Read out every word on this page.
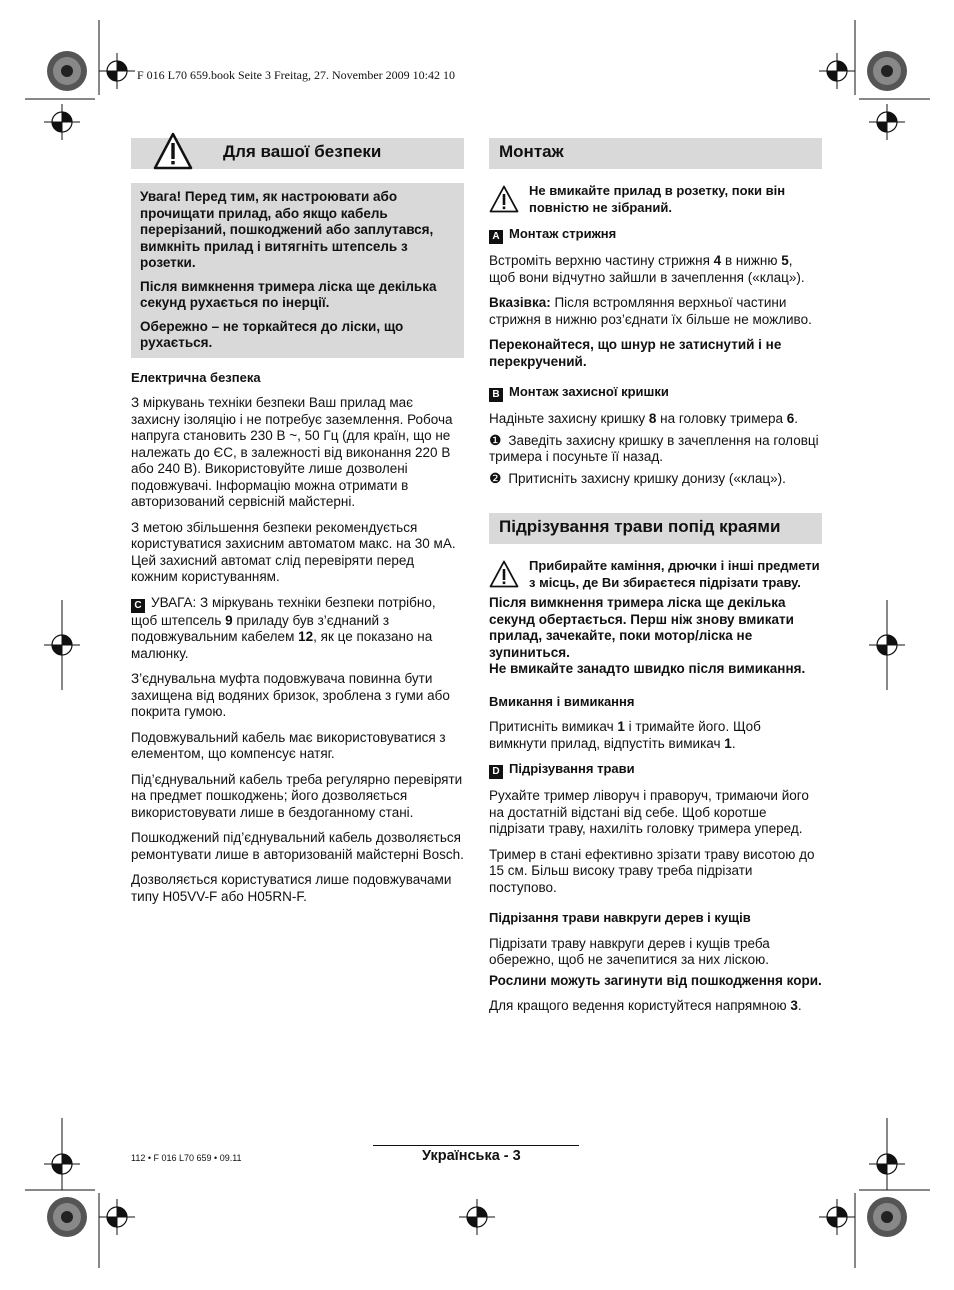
F 016 L70 659.book Seite 3 Freitag, 27. November 2009 10:42 10
Для вашої безпеки

Увага! Перед тим, як настроювати або прочищати прилад, або якщо кабель перерізаний, пошкоджений або заплутався, вимкніть прилад і витягніть штепсель з розетки.

Після вимкнення тримера ліска ще декілька секунд рухається по інерції.

Обережно – не торкайтеся до ліски, що рухається.

Електрична безпека

З міркувань техніки безпеки Ваш прилад має захисну ізоляцію і не потребує заземлення. Робоча напруга становить 230 В ~, 50 Гц (для країн, що не належать до ЄС, в залежності від виконання 220 В або 240 В). Використовуйте лише дозволені подовжувачі. Інформацію можна отримати в авторизований сервісній майстерні.

З метою збільшення безпеки рекомендується користуватися захисним автоматом макс. на 30 мА. Цей захисний автомат слід перевіряти перед кожним користуванням.

C УВАГА: З міркувань техніки безпеки потрібно, щоб штепсель 9 приладу був з’єднаний з подовжувальним кабелем 12, як це показано на малюнку.

З’єднувальна муфта подовжувача повинна бути захищена від водяних бризок, зроблена з гуми або покрита гумою.

Подовжувальний кабель має використовуватися з елементом, що компенсує натяг.

Під’єднувальний кабель треба регулярно перевіряти на предмет пошкоджень; його дозволяється використовувати лише в бездоганному стані.

Пошкоджений під’єднувальний кабель дозволяється ремонтувати лише в авторизованій майстерні Bosch.

Дозволяється користуватися лише подовжувачами типу H05VV-F або H05RN-F.

Монтаж
Не вмикайте прилад в розетку, поки він повністю не зібраний.

A Монтаж стрижня

Встроміть верхню частину стрижня 4 в нижню 5, щоб вони відчутно зайшли в зачеплення («клац»).

Вказівка: Після встромляння верхньої частини стрижня в нижню роз’єднати їх більше не можливо.

Переконайтеся, що шнур не затиснутий і не перекручений.

B Монтаж захисної кришки

Надіньте захисну кришку 8 на головку тримера 6.

❶ Заведіть захисну кришку в зачеплення на головці тримера і посуньте її назад.

❷ Притисніть захисну кришку донизу («клац»).

Підрізування трави попід краями
Прибирайте каміння, дрючки і інші предмети з місць, де Ви збираєтеся підрізати траву.

Після вимкнення тримера ліска ще декілька секунд обертається. Перш ніж знову вмикати прилад, зачекайте, поки мотор/ліска не зупиниться.

Не вмикайте занадто швидко після вимикання.

Вмикання і вимикання

Притисніть вимикач 1 і тримайте його. Щоб вимкнути прилад, відпустіть вимикач 1.

D Підрізування трави

Рухайте тример ліворуч і праворуч, тримаючи його на достатній відстані від себе. Щоб коротше підрізати траву, нахиліть головку тримера уперед.

Тример в стані ефективно зрізати траву висотою до 15 см. Більш високу траву треба підрізати поступово.

Підрізання трави навкруги дерев і кущів

Підрізати траву навкруги дерев і кущів треба обережно, щоб не зачепитися за них ліскою.

Рослини можуть загинути від пошкодження кори.

Для кращого ведення користуйтеся напрямною 3.

112 • F 016 L70 659 • 09.11	Українська - 3
